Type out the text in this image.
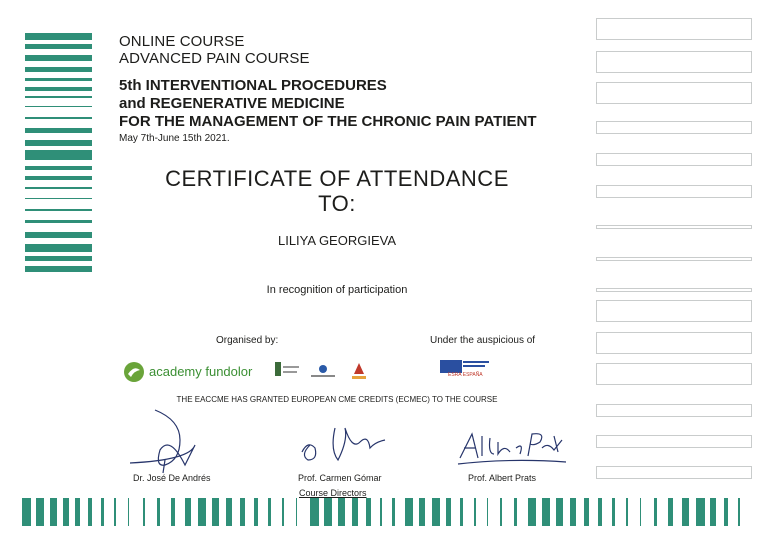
ONLINE COURSE
ADVANCED PAIN COURSE
5th INTERVENTIONAL PROCEDURES
and REGENERATIVE MEDICINE
FOR THE MANAGEMENT OF THE CHRONIC PAIN PATIENT
May 7th-June 15th 2021.
CERTIFICATE OF ATTENDANCE
TO:
LILIYA GEORGIEVA
In recognition of participation
Organised by:	Under the auspicious of
academy fundolor	ESRA ESPAÑA
THE EACCME HAS GRANTED EUROPEAN CME CREDITS (ECMEC) TO THE COURSE
Dr. José De Andrés	Prof. Carmen Gómar	Prof. Albert Prats
Course Directors
